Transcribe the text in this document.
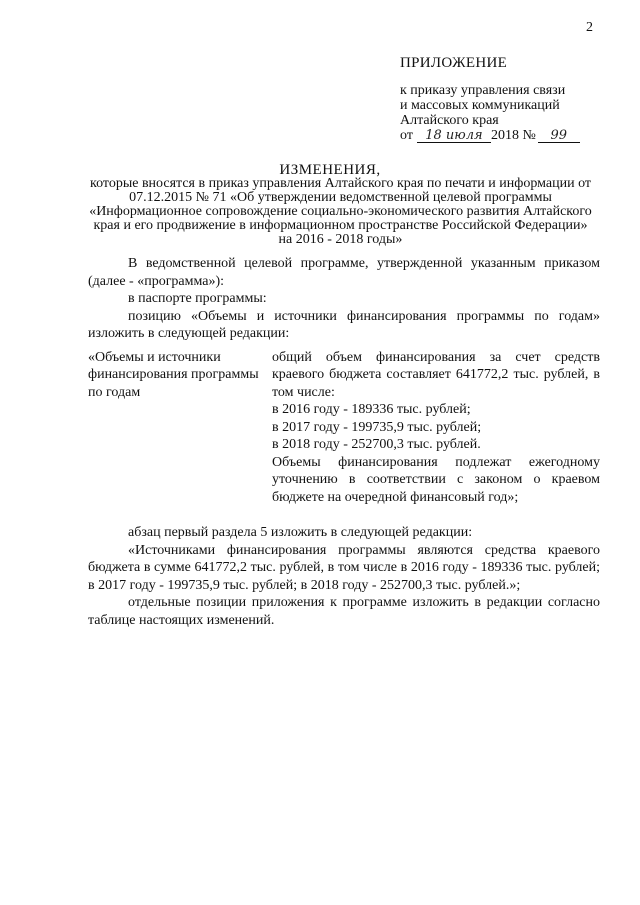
2
ПРИЛОЖЕНИЕ
к приказу управления связи
и массовых коммуникаций
Алтайского края
от 18 июля 2018 №	99
ИЗМЕНЕНИЯ,
которые вносятся в приказ управления Алтайского края по печати и информации от 07.12.2015 № 71 «Об утверждении ведомственной целевой программы «Информационное сопровождение социально-экономического развития Алтайского края и его продвижение в информационном пространстве Российской Федерации» на 2016 - 2018 годы»

В ведомственной целевой программе, утвержденной указанным приказом (далее - «программа»):

в паспорте программы:

позицию «Объемы и источники финансирования программы по годам» изложить в следующей редакции:

«Объемы и источники финансирования программы по годам

общий объем финансирования за счет средств краевого бюджета составляет 641772,2 тыс. рублей, в том числе:

в 2016 году - 189336 тыс. рублей;

в 2017 году - 199735,9 тыс. рублей;

в 2018 году - 252700,3 тыс. рублей.

Объемы финансирования подлежат ежегодному уточнению в соответствии с законом о краевом бюджете на очередной финансовый год»;

абзац первый раздела 5 изложить в следующей редакции:

«Источниками финансирования программы являются средства краевого бюджета в сумме 641772,2 тыс. рублей, в том числе в 2016 году - 189336 тыс. рублей; в 2017 году - 199735,9 тыс. рублей; в 2018 году - 252700,3 тыс. рублей.»;

отдельные позиции приложения к программе изложить в редакции согласно таблице настоящих изменений.
